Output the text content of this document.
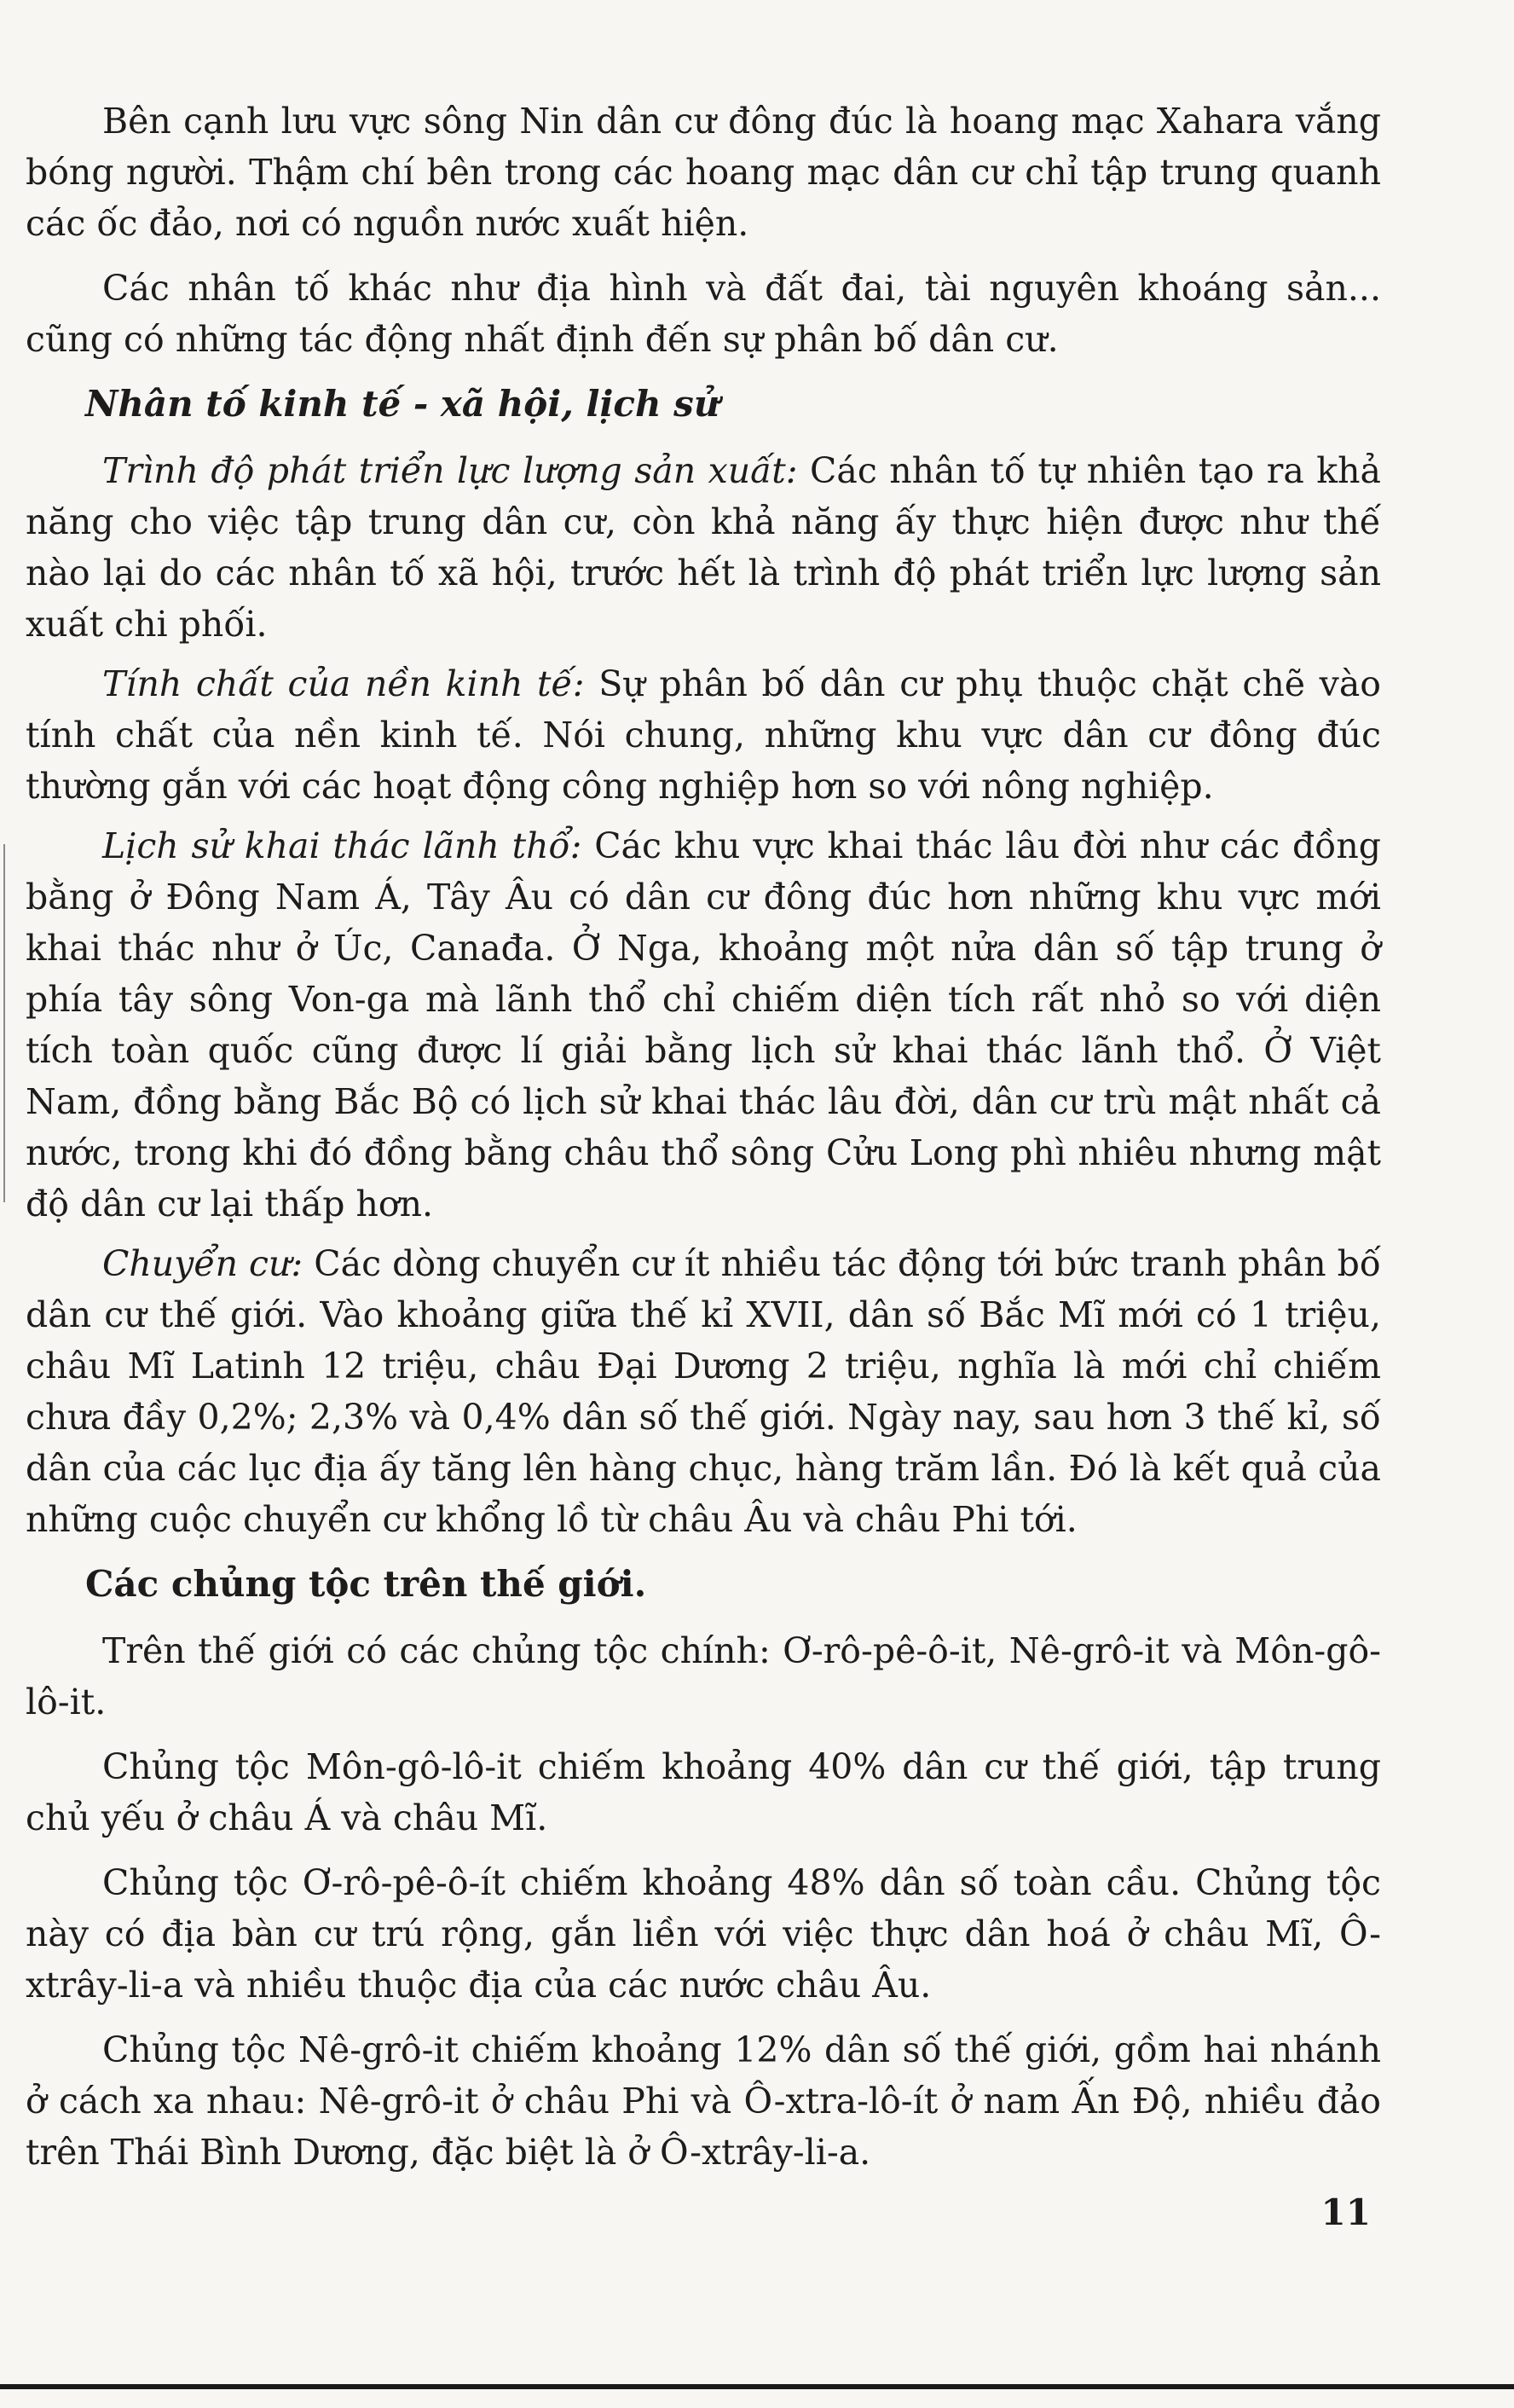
Bên cạnh lưu vực sông Nin dân cư đông đúc là hoang mạc Xahara vắng bóng người. Thậm chí bên trong các hoang mạc dân cư chỉ tập trung quanh các ốc đảo, nơi có nguồn nước xuất hiện.

Các nhân tố khác như địa hình và đất đai, tài nguyên khoáng sản... cũng có những tác động nhất định đến sự phân bố dân cư.

Nhân tố kinh tế - xã hội, lịch sử

Trình độ phát triển lực lượng sản xuất: Các nhân tố tự nhiên tạo ra khả năng cho việc tập trung dân cư, còn khả năng ấy thực hiện được như thế nào lại do các nhân tố xã hội, trước hết là trình độ phát triển lực lượng sản xuất chi phối.

Tính chất của nền kinh tế: Sự phân bố dân cư phụ thuộc chặt chẽ vào tính chất của nền kinh tế. Nói chung, những khu vực dân cư đông đúc thường gắn với các hoạt động công nghiệp hơn so với nông nghiệp.

Lịch sử khai thác lãnh thổ: Các khu vực khai thác lâu đời như các đồng bằng ở Đông Nam Á, Tây Âu có dân cư đông đúc hơn những khu vực mới khai thác như ở Úc, Canađa. Ở Nga, khoảng một nửa dân số tập trung ở phía tây sông Von-ga mà lãnh thổ chỉ chiếm diện tích rất nhỏ so với diện tích toàn quốc cũng được lí giải bằng lịch sử khai thác lãnh thổ. Ở Việt Nam, đồng bằng Bắc Bộ có lịch sử khai thác lâu đời, dân cư trù mật nhất cả nước, trong khi đó đồng bằng châu thổ sông Cửu Long phì nhiêu nhưng mật độ dân cư lại thấp hơn.

Chuyển cư: Các dòng chuyển cư ít nhiều tác động tới bức tranh phân bố dân cư thế giới. Vào khoảng giữa thế kỉ XVII, dân số Bắc Mĩ mới có 1 triệu, châu Mĩ Latinh 12 triệu, châu Đại Dương 2 triệu, nghĩa là mới chỉ chiếm chưa đầy 0,2%; 2,3% và 0,4% dân số thế giới. Ngày nay, sau hơn 3 thế kỉ, số dân của các lục địa ấy tăng lên hàng chục, hàng trăm lần. Đó là kết quả của những cuộc chuyển cư khổng lồ từ châu Âu và châu Phi tới.

Các chủng tộc trên thế giới.

Trên thế giới có các chủng tộc chính: Ơ-rô-pê-ô-it, Nê-grô-it và Môn-gô-lô-it.

Chủng tộc Môn-gô-lô-it chiếm khoảng 40% dân cư thế giới, tập trung chủ yếu ở châu Á và châu Mĩ.

Chủng tộc Ơ-rô-pê-ô-ít chiếm khoảng 48% dân số toàn cầu. Chủng tộc này có địa bàn cư trú rộng, gắn liền với việc thực dân hoá ở châu Mĩ, Ô-xtrây-li-a và nhiều thuộc địa của các nước châu Âu.

Chủng tộc Nê-grô-it chiếm khoảng 12% dân số thế giới, gồm hai nhánh ở cách xa nhau: Nê-grô-it ở châu Phi và Ô-xtra-lô-ít ở nam Ấn Độ, nhiều đảo trên Thái Bình Dương, đặc biệt là ở Ô-xtrây-li-a.

11
